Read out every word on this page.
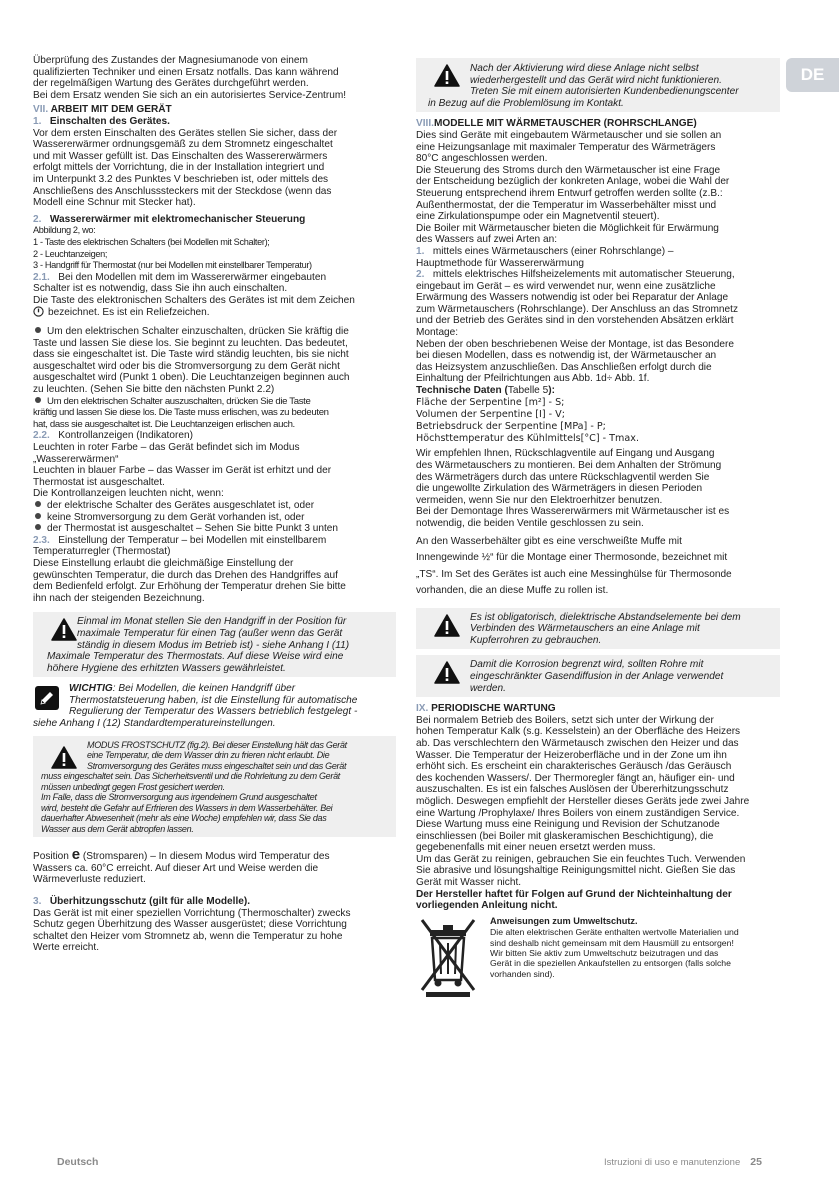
DE

Überprüfung des Zustandes der Magnesiumanode von einem

qualifizierten Techniker und einen Ersatz notfalls. Das kann während

der regelmäßigen Wartung des Gerätes durchgeführt werden.

Bei dem Ersatz wenden Sie sich an ein autorisiertes Service-Zentrum!

VII. ARBEIT MIT DEM GERÄT

1. Einschalten des Gerätes.

Vor dem ersten Einschalten des Gerätes stellen Sie sicher, dass der

Wassererwärmer ordnungsgemäß zu dem Stromnetz eingeschaltet

und mit Wasser gefüllt ist. Das Einschalten des Wassererwärmers

erfolgt mittels der Vorrichtung, die in der Installation integriert und

im Unterpunkt 3.2 des Punktes V beschrieben ist, oder mittels des

Anschließens des Anschlusssteckers mit der Steckdose (wenn das

Modell eine Schnur mit Stecker hat).

2. Wassererwärmer mit elektromechanischer Steuerung

Abbildung 2, wo:

1 - Taste des elektrischen Schalters (bei Modellen mit Schalter);

2 - Leuchtanzeigen;

3 - Handgriff für Thermostat (nur bei Modellen mit einstellbarer Temperatur)

2.1. Bei den Modellen mit dem im Wassererwärmer eingebauten

Schalter ist es notwendig, dass Sie ihn auch einschalten.

Die Taste des elektronischen Schalters des Gerätes ist mit dem Zeichen

bezeichnet. Es ist ein Reliefzeichen.

Um den elektrischen Schalter einzuschalten, drücken Sie kräftig die

Taste und lassen Sie diese los. Sie beginnt zu leuchten. Das bedeutet,

dass sie eingeschaltet ist. Die Taste wird ständig leuchten, bis sie nicht

ausgeschaltet wird oder bis die Stromversorgung zu dem Gerät nicht

ausgeschaltet wird (Punkt 1 oben). Die Leuchtanzeigen beginnen auch

zu leuchten. (Sehen Sie bitte den nächsten Punkt 2.2)

Um den elektrischen Schalter auszuschalten, drücken Sie die Taste

kräftig und lassen Sie diese los. Die Taste muss erlischen, was zu bedeuten

hat, dass sie ausgeschaltet ist. Die Leuchtanzeigen erlischen auch.

2.2. Kontrollanzeigen (Indikatoren)

Leuchten in roter Farbe – das Gerät befindet sich im Modus

„Wassererwärmen“

Leuchten in blauer Farbe – das Wasser im Gerät ist erhitzt und der

Thermostat ist ausgeschaltet.

Die Kontrollanzeigen leuchten nicht, wenn:

der elektrische Schalter des Gerätes ausgeschlatet ist, oder

keine Stromversorgung zu dem Gerät vorhanden ist, oder

der Thermostat ist ausgeschaltet – Sehen Sie bitte Punkt 3 unten

2.3. Einstellung der Temperatur – bei Modellen mit einstellbarem

Temperaturregler (Thermostat)

Diese Einstellung erlaubt die gleichmäßige Einstellung der

gewünschten Temperatur, die durch das Drehen des Handgriffes auf

dem Bedienfeld erfolgt. Zur Erhöhung der Temperatur drehen Sie bitte

ihn nach der steigenden Bezeichnung.

Einmal im Monat stellen Sie den Handgriff in der Position für

maximale Temperatur für einen Tag (außer wenn das Gerät

ständig in diesem Modus im Betrieb ist) - siehe Anhang I (11)

Maximale Temperatur des Thermostats. Auf diese Weise wird eine

höhere Hygiene des erhitzten Wassers gewährleistet.

WICHTIG: Bei Modellen, die keinen Handgriff über

Thermostatsteuerung haben, ist die Einstellung für automatische

Regulierung der Temperatur des Wassers betrieblich festgelegt -

siehe Anhang I (12) Standardtemperatureinstellungen.

MODUS FROSTSCHUTZ (fig.2). Bei dieser Einstellung hält das Gerät

eine Temperatur, die dem Wasser drin zu frieren nicht erlaubt. Die

Stromversorgung des Gerätes muss eingeschaltet sein und das Gerät

muss eingeschaltet sein. Das Sicherheitsventil und die Rohrleitung zu dem Gerät

müssen unbedingt gegen Frost gesichert werden.

Im Falle, dass die Stromversorgung aus irgendeinem Grund ausgeschaltet

wird, besteht die Gefahr auf Erfrieren des Wassers in dem Wasserbehälter. Bei

dauerhafter Abwesenheit (mehr als eine Woche) empfehlen wir, dass Sie das

Wasser aus dem Gerät abtropfen lassen.

Position e (Stromsparen) – In diesem Modus wird Temperatur des

Wassers ca. 60°C erreicht. Auf dieser Art und Weise werden die

Wärmeverluste reduziert.

3. Überhitzungsschutz (gilt für alle Modelle).

Das Gerät ist mit einer speziellen Vorrichtung (Thermoschalter) zwecks

Schutz gegen Überhitzung des Wasser ausgerüstet; diese Vorrichtung

schaltet den Heizer vom Stromnetz ab, wenn die Temperatur zu hohe

Werte erreicht.

Nach der Aktivierung wird diese Anlage nicht selbst

wiederhergestellt und das Gerät wird nicht funktionieren.

Treten Sie mit einem autorisierten Kundenbedienungscenter

in Bezug auf die Problemlösung im Kontakt.

VIII.MODELLE MIT WÄRMETAUSCHER (ROHRSCHLANGE)

Dies sind Geräte mit eingebautem Wärmetauscher und sie sollen an

eine Heizungsanlage mit maximaler Temperatur des Wärmeträgers

80°C angeschlossen werden.

Die Steuerung des Stroms durch den Wärmetauscher ist eine Frage

der Entscheidung bezüglich der konkreten Anlage, wobei die Wahl der

Steuerung entsprechend ihrem Entwurf getroffen werden sollte (z.B.:

Außenthermostat, der die Temperatur im Wasserbehälter misst und

eine Zirkulationspumpe oder ein Magnetventil steuert).

Die Boiler mit Wärmetauscher bieten die Möglichkeit für Erwärmung

des Wassers auf zwei Arten an:

1. mittels eines Wärmetauschers (einer Rohrschlange) –

Hauptmethode für Wassererwärmung

2. mittels elektrisches Hilfsheizelements mit automatischer Steuerung,

eingebaut im Gerät – es wird verwendet nur, wenn eine zusätzliche

Erwärmung des Wassers notwendig ist oder bei Reparatur der Anlage

zum Wärmetauschers (Rohrschlange). Der Anschluss an das Stromnetz

und der Betrieb des Gerätes sind in den vorstehenden Absätzen erklärt

Montage:

Neben der oben beschriebenen Weise der Montage, ist das Besondere

bei diesen Modellen, dass es notwendig ist, der Wärmetauscher an

das Heizsystem anzuschließen. Das Anschließen erfolgt durch die

Einhaltung der Pfeilrichtungen aus Abb. 1d÷ Abb. 1f.

Technische Daten (Tabelle 5):

Fläche der Serpentine [m²] - S;

Volumen der Serpentine [I] - V;

Betriebsdruck der Serpentine [MPa] - P;

Höchsttemperatur des Kühlmittels[°C] - Tmax.

Wir empfehlen Ihnen, Rückschlagventile auf Eingang und Ausgang

des Wärmetauschers zu montieren. Bei dem Anhalten der Strömung

des Wärmeträgers durch das untere Rückschlagventil werden Sie

die ungewollte Zirkulation des Wärmeträgers in diesen Perioden

vermeiden, wenn Sie nur den Elektroerhitzer benutzen.

Bei der Demontage Ihres Wassererwärmers mit Wärmetauscher ist es

notwendig, die beiden Ventile geschlossen zu sein.

An den Wasserbehälter gibt es eine verschweißte Muffe mit

Innengewinde ½“ für die Montage einer Thermosonde, bezeichnet mit

„TS“. Im Set des Gerätes ist auch eine Messinghülse für Thermosonde

vorhanden, die an diese Muffe zu rollen ist.

Es ist obligatorisch, dielektrische Abstandselemente bei dem

Verbinden des Wärmetauschers an eine Anlage mit

Kupferrohren zu gebrauchen.

Damit die Korrosion begrenzt wird, sollten Rohre mit

eingeschränkter Gasendiffusion in der Anlage verwendet

werden.

IX. PERIODISCHE WARTUNG

Bei normalem Betrieb des Boilers, setzt sich unter der Wirkung der

hohen Temperatur Kalk (s.g. Kesselstein) an der Oberfläche des Heizers

ab. Das verschlechtern den Wärmetausch zwischen den Heizer und das

Wasser. Die Temperatur der Heizeroberfläche und in der Zone um ihn

erhöht sich. Es erscheint ein charakterisches Geräusch /das Geräusch

des kochenden Wassers/. Der Thermoregler fängt an, häufiger ein- und

auszuschalten. Es ist ein falsches Auslösen der Übererhitzungsschutz

möglich. Deswegen empfiehlt der Hersteller dieses Geräts jede zwei Jahre

eine Wartung /Prophylaxe/ Ihres Boilers von einem zuständigen Service.

Diese Wartung muss eine Reinigung und Revision der Schutzanode

einschliessen (bei Boiler mit glaskeramischen Beschichtigung), die

gegebenenfalls mit einer neuen ersetzt werden muss.

Um das Gerät zu reinigen, gebrauchen Sie ein feuchtes Tuch. Verwenden

Sie abrasive und lösungshaltige Reinigungsmittel nicht. Gießen Sie das

Gerät mit Wasser nicht.

Der Hersteller haftet für Folgen auf Grund der Nichteinhaltung der

vorliegenden Anleitung nicht.

Anweisungen zum Umweltschutz.

Die alten elektrischen Geräte enthalten wertvolle Materialien und

sind deshalb nicht gemeinsam mit dem Hausmüll zu entsorgen!

Wir bitten Sie aktiv zum Umweltschutz beizutragen und das

Gerät in die speziellen Ankaufstellen zu entsorgen (falls solche

vorhanden sind).

Deutsch	Istruzioni di uso e manutenzione 25
